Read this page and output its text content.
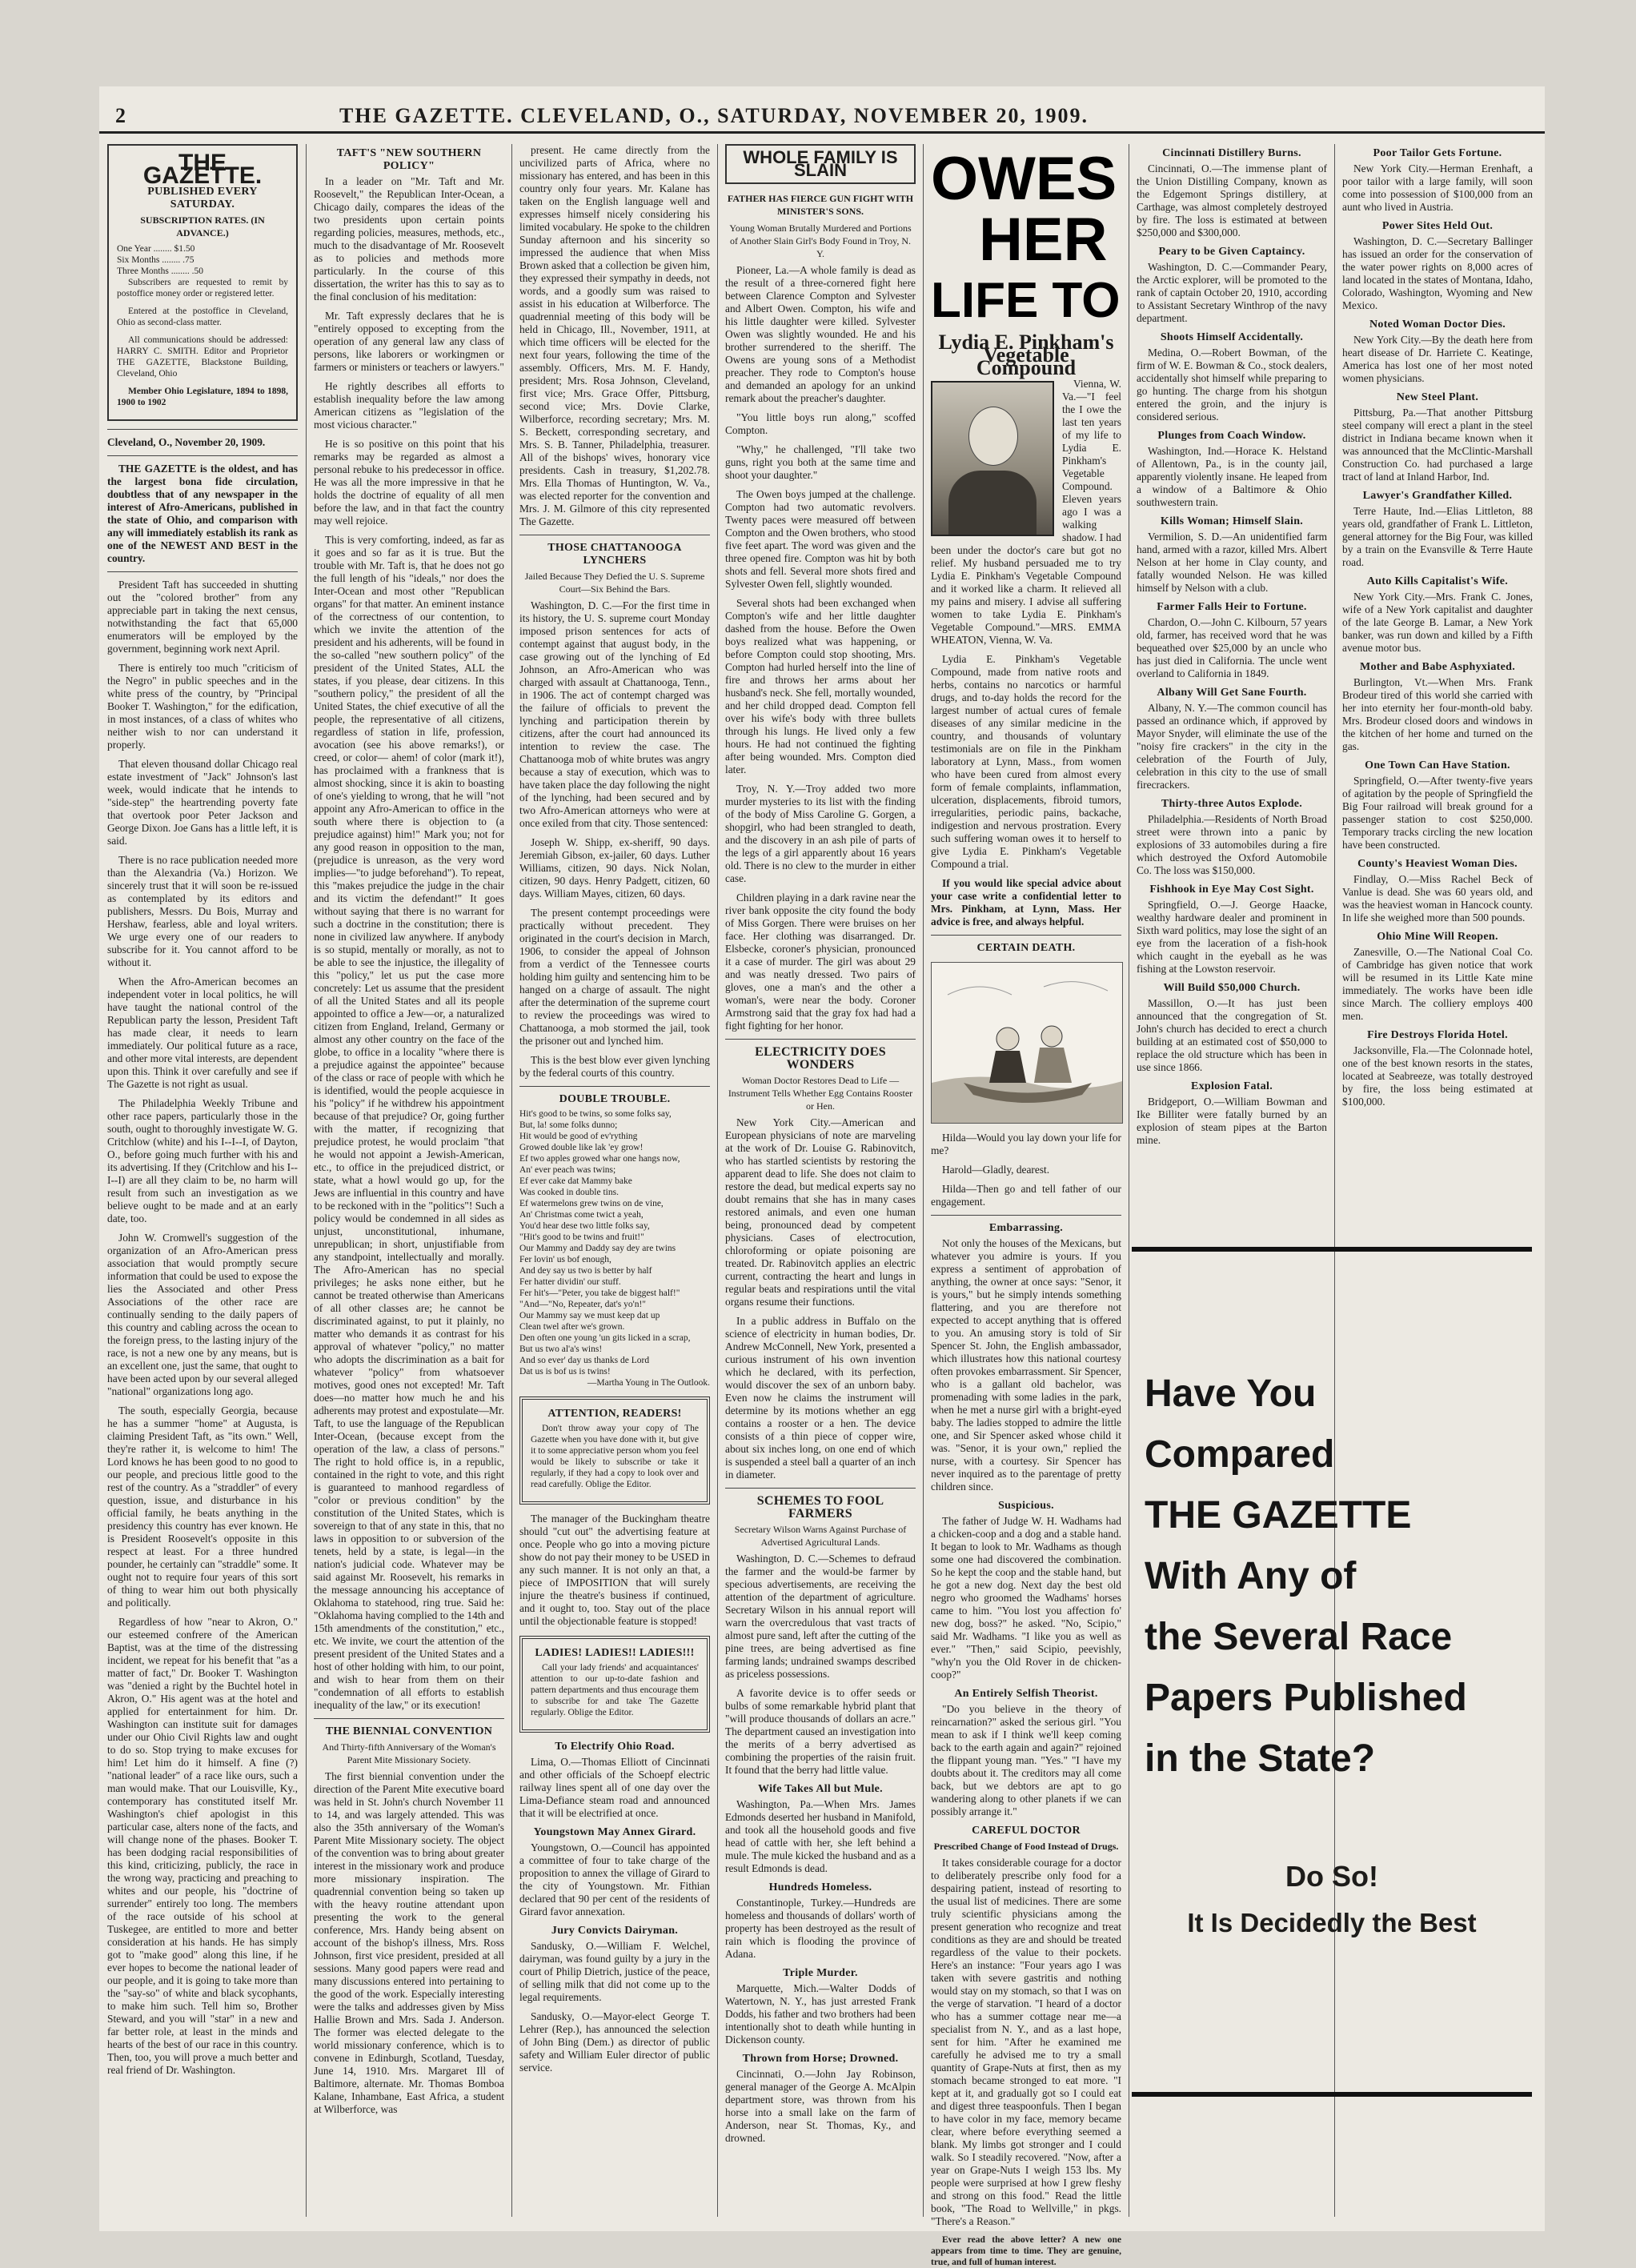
2	THE GAZETTE. CLEVELAND, O., SATURDAY, NOVEMBER 20, 1909.
THE GAZETTE.
PUBLISHED EVERY SATURDAY.
SUBSCRIPTION RATES. (IN ADVANCE.)
One Year ........ $1.50
Six Months ........ .75
Three Months ........ .50

Subscribers are requested to remit by postoffice money order or registered letter.

Entered at the postoffice in Cleveland, Ohio as second-class matter.

All communications should be addressed: HARRY C. SMITH. Editor and Proprietor THE GAZETTE, Blackstone Building, Cleveland, Ohio

Member Ohio Legislature, 1894 to 1898, 1900 to 1902

Cleveland, O., November 20, 1909.

THE GAZETTE is the oldest, and has the largest bona fide circulation, doubtless that of any newspaper in the interest of Afro-Americans, published in the state of Ohio, and comparison with any will immediately establish its rank as one of the NEWEST AND BEST in the country.

President Taft has succeeded in shutting out the "colored brother" from any appreciable part in taking the next census, notwithstanding the fact that 65,000 enumerators will be employed by the government, beginning work next April.

There is entirely too much "criticism of the Negro" in public speeches and in the white press of the country, by "Principal Booker T. Washington," for the edification, in most instances, of a class of whites who neither wish to nor can understand it properly.

That eleven thousand dollar Chicago real estate investment of "Jack" Johnson's last week, would indicate that he intends to "side-step" the heartrending poverty fate that overtook poor Peter Jackson and George Dixon. Joe Gans has a little left, it is said.

There is no race publication needed more than the Alexandria (Va.) Horizon. We sincerely trust that it will soon be re-issued as contemplated by its editors and publishers, Messrs. Du Bois, Murray and Hershaw, fearless, able and loyal writers. We urge every one of our readers to subscribe for it. You cannot afford to be without it.

When the Afro-American becomes an independent voter in local politics, he will have taught the national control of the Republican party the lesson, President Taft has made clear, it needs to learn immediately. Our political future as a race, and other more vital interests, are dependent upon this. Think it over carefully and see if The Gazette is not right as usual.

The Philadelphia Weekly Tribune and other race papers, particularly those in the south, ought to thoroughly investigate W. G. Critchlow (white) and his I--I--I, of Dayton, O., before going much further with his and its advertising. If they (Critchlow and his I--I--I) are all they claim to be, no harm will result from such an investigation as we believe ought to be made and at an early date, too.

John W. Cromwell's suggestion of the organization of an Afro-American press association that would promptly secure information that could be used to expose the lies the Associated and other Press Associations of the other race are continually sending to the daily papers of this country and cabling across the ocean to the foreign press, to the lasting injury of the race, is not a new one by any means, but is an excellent one, just the same, that ought to have been acted upon by our several alleged "national" organizations long ago.

The south, especially Georgia, because he has a summer "home" at Augusta, is claiming President Taft, as "its own." Well, they're rather it, is welcome to him! The Lord knows he has been good to no good to our people, and precious little good to the rest of the country. As a "straddler" of every question, issue, and disturbance in his official family, he beats anything in the presidency this country has ever known. He is President Roosevelt's opposite in this respect at least. For a three hundred pounder, he certainly can "straddle" some. It ought not to require four years of this sort of thing to wear him out both physically and politically.

Regardless of how "near to Akron, O." our esteemed confrere of the American Baptist, was at the time of the distressing incident, we repeat for his benefit that "as a matter of fact," Dr. Booker T. Washington was "denied a right by the Buchtel hotel in Akron, O." His agent was at the hotel and applied for entertainment for him. Dr. Washington can institute suit for damages under our Ohio Civil Rights law and ought to do so. Stop trying to make excuses for him! Let him do it himself. A fine (?) "national leader" of a race like ours, such a man would make. That our Louisville, Ky., contemporary has constituted itself Mr. Washington's chief apologist in this particular case, alters none of the facts, and will change none of the phases. Booker T. has been dodging racial responsibilities of this kind, criticizing, publicly, the race in the wrong way, practicing and preaching to whites and our people, his "doctrine of surrender" entirely too long. The members of the race outside of his school at Tuskegee, are entitled to more and better consideration at his hands. He has simply got to "make good" along this line, if he ever hopes to become the national leader of our people, and it is going to take more than the "say-so" of white and black sycophants, to make him such. Tell him so, Brother Steward, and you will "star" in a new and far better role, at least in the minds and hearts of the best of our race in this country. Then, too, you will prove a much better and real friend of Dr. Washington.

TAFT'S "NEW SOUTHERN POLICY"

In a leader on "Mr. Taft and Mr. Roosevelt," the Republican Inter-Ocean, a Chicago daily, compares the ideas of the two presidents upon certain points regarding policies, measures, methods, etc., much to the disadvantage of Mr. Roosevelt as to policies and methods more particularly. In the course of this dissertation, the writer has this to say as to the final conclusion of his meditation:

Mr. Taft expressly declares that he is "entirely opposed to excepting from the operation of any general law any class of persons, like laborers or workingmen or farmers or ministers or teachers or lawyers."

He rightly describes all efforts to establish inequality before the law among American citizens as "legislation of the most vicious character."

He is so positive on this point that his remarks may be regarded as almost a personal rebuke to his predecessor in office. He was all the more impressive in that he holds the doctrine of equality of all men before the law, and in that fact the country may well rejoice.

This is very comforting, indeed, as far as it goes and so far as it is true. But the trouble with Mr. Taft is, that he does not go the full length of his "ideals," nor does the Inter-Ocean and most other "Republican organs" for that matter. An eminent instance of the correctness of our contention, to which we invite the attention of the president and his adherents, will be found in the so-called "new southern policy" of the president of the United States, ALL the states, if you please, dear citizens. In this "southern policy," the president of all the United States, the chief executive of all the people, the representative of all citizens, regardless of station in life, profession, avocation (see his above remarks!), or creed, or color— ahem! of color (mark it!), has proclaimed with a frankness that is almost shocking, since it is akin to boasting of one's yielding to wrong, that he will "not appoint any Afro-American to office in the south where there is objection to (a prejudice against) him!" Mark you; not for any good reason in opposition to the man, (prejudice is unreason, as the very word implies—"to judge beforehand"). To repeat, this "makes prejudice the judge in the chair and its victim the defendant!" It goes without saying that there is no warrant for such a doctrine in the constitution; there is none in civilized law anywhere. If anybody is so stupid, mentally or morally, as not to be able to see the injustice, the illegality of this "policy," let us put the case more concretely: Let us assume that the president of all the United States and all its people appointed to office a Jew—or, a naturalized citizen from England, Ireland, Germany or almost any other country on the face of the globe, to office in a locality "where there is a prejudice against the appointee" because of the class or race of people with which he is identified, would the people acquiesce in his "policy" if he withdrew his appointment because of that prejudice? Or, going further with the matter, if recognizing that prejudice protest, he would proclaim "that he would not appoint a Jewish-American, etc., to office in the prejudiced district, or state, what a howl would go up, for the Jews are influential in this country and have to be reckoned with in the "politics"! Such a policy would be condemned in all sides as unjust, unconstitutional, inhumane, unrepublican; in short, unjustifiable from any standpoint, intellectually and morally. The Afro-American has no special privileges; he asks none either, but he cannot be treated otherwise than Americans of all other classes are; he cannot be discriminated against, to put it plainly, no matter who demands it as contrast for his approval of whatever "policy," no matter who adopts the discrimination as a bait for whatever "policy" from whatsoever motives, good ones not excepted! Mr. Taft does—no matter how much he and his adherents may protest and expostulate—Mr. Taft, to use the language of the Republican Inter-Ocean, (because except from the operation of the law, a class of persons." The right to hold office is, in a republic, contained in the right to vote, and this right is guaranteed to manhood regardless of "color or previous condition" by the constitution of the United States, which is sovereign to that of any state in this, that no laws in opposition to or subversion of the tenets, held by a state, is legal—in the nation's judicial code. Whatever may be said against Mr. Roosevelt, his remarks in the message announcing his acceptance of Oklahoma to statehood, ring true. Said he: "Oklahoma having complied to the 14th and 15th amendments of the constitution," etc., etc. We invite, we court the attention of the present president of the United States and a host of other holding with him, to our point, and wish to hear from them on their "condemnation of all efforts to establish inequality of the law," or its execution!

THE BIENNIAL CONVENTION
And Thirty-fifth Anniversary of the Woman's Parent Mite Missionary Society.

The first biennial convention under the direction of the Parent Mite executive board was held in St. John's church November 11 to 14, and was largely attended. This was also the 35th anniversary of the Woman's Parent Mite Missionary society. The object of the convention was to bring about greater interest in the missionary work and produce more missionary inspiration. The quadrennial convention being so taken up with the heavy routine attendant upon presenting the work to the general conference, Mrs. Handy being absent on account of the bishop's illness, Mrs. Ross Johnson, first vice president, presided at all sessions. Many good papers were read and many discussions entered into pertaining to the good of the work. Especially interesting were the talks and addresses given by Miss Hallie Brown and Mrs. Sada J. Anderson. The former was elected delegate to the world missionary conference, which is to convene in Edinburgh, Scotland, Tuesday, June 14, 1910. Mrs. Margaret Ill of Baltimore, alternate. Mr. Thomas Bomboa Kalane, Inhambane, East Africa, a student at Wilberforce, was

present. He came directly from the uncivilized parts of Africa, where no missionary has entered, and has been in this country only four years. Mr. Kalane has taken on the English language well and expresses himself nicely considering his limited vocabulary. He spoke to the children Sunday afternoon and his sincerity so impressed the audience that when Miss Brown asked that a collection be given him, they expressed their sympathy in deeds, not words, and a goodly sum was raised to assist in his education at Wilberforce. The quadrennial meeting of this body will be held in Chicago, Ill., November, 1911, at which time officers will be elected for the next four years, following the time of the assembly. Officers, Mrs. M. F. Handy, president; Mrs. Rosa Johnson, Cleveland, first vice; Mrs. Grace Offer, Pittsburg, second vice; Mrs. Dovie Clarke, Wilberforce, recording secretary; Mrs. M. S. Beckett, corresponding secretary, and Mrs. S. B. Tanner, Philadelphia, treasurer. All of the bishops' wives, honorary vice presidents. Cash in treasury, $1,202.78. Mrs. Ella Thomas of Huntington, W. Va., was elected reporter for the convention and Mrs. J. M. Gilmore of this city represented The Gazette.

THOSE CHATTANOOGA LYNCHERS
Jailed Because They Defied the U. S. Supreme Court—Six Behind the Bars.

Washington, D. C.—For the first time in its history, the U. S. supreme court Monday imposed prison sentences for acts of contempt against that august body, in the case growing out of the lynching of Ed Johnson, an Afro-American who was charged with assault at Chattanooga, Tenn., in 1906. The act of contempt charged was the failure of officials to prevent the lynching and participation therein by citizens, after the court had announced its intention to review the case. The Chattanooga mob of white brutes was angry because a stay of execution, which was to have taken place the day following the night of the lynching, had been secured and by two Afro-American attorneys who were at once exiled from that city. Those sentenced:

Joseph W. Shipp, ex-sheriff, 90 days. Jeremiah Gibson, ex-jailer, 60 days. Luther Williams, citizen, 90 days. Nick Nolan, citizen, 90 days. Henry Padgett, citizen, 60 days. William Mayes, citizen, 60 days.

The present contempt proceedings were practically without precedent. They originated in the court's decision in March, 1906, to consider the appeal of Johnson from a verdict of the Tennessee courts holding him guilty and sentencing him to be hanged on a charge of assault. The night after the determination of the supreme court to review the proceedings was wired to Chattanooga, a mob stormed the jail, took the prisoner out and lynched him.

This is the best blow ever given lynching by the federal courts of this country.

DOUBLE TROUBLE.
Hit's good to be twins, so some folks say,
But, la! some folks dunno;
Hit would be good of ev'rything
Growed double like lak 'ey grow!
Ef two apples growed whar one hangs now,
An' ever peach was twins;
Ef ever cake dat Mammy bake
Was cooked in double tins.
Ef watermelons grew twins on de vine,
An' Christmas come twict a yeah,
You'd hear dese two little folks say,
"Hit's good to be twins and fruit!"
Our Mammy and Daddy say dey are twins
Fer lovin' us bof enough,
And dey say us two is better by half
Fer hatter dividin' our stuff.
Fer hit's—"Peter, you take de biggest half!"
"And—"No, Repeater, dat's yo'n!"
Our Mammy say we must keep dat up
Clean twel after we's grown.
Den often one young 'un gits licked in a scrap,
But us two al'a's wins!
And so ever' day us thanks de Lord
Dat us is bof us is twins!
—Martha Young in The Outlook.
ATTENTION, READERS!

Don't throw away your copy of The Gazette when you have done with it, but give it to some appreciative person whom you feel would be likely to subscribe or take it regularly, if they had a copy to look over and read carefully. Oblige the Editor.

The manager of the Buckingham theatre should "cut out" the advertising feature at once. People who go into a moving picture show do not pay their money to be USED in any such manner. It is not only an that, a piece of IMPOSITION that will surely injure the theatre's business if continued, and it ought to, too. Stay out of the place until the objectionable feature is stopped!

LADIES! LADIES!! LADIES!!!

Call your lady friends' and acquaintances' attention to our up-to-date fashion and pattern departments and thus encourage them to subscribe for and take The Gazette regularly. Oblige the Editor.

To Electrify Ohio Road.

Lima, O.—Thomas Elliott of Cincinnati and other officials of the Schoepf electric railway lines spent all of one day over the Lima-Defiance steam road and announced that it will be electrified at once.

Youngstown May Annex Girard.

Youngstown, O.—Council has appointed a committee of four to take charge of the proposition to annex the village of Girard to the city of Youngstown. Mr. Fithian declared that 90 per cent of the residents of Girard favor annexation.

Jury Convicts Dairyman.

Sandusky, O.—William F. Welchel, dairyman, was found guilty by a jury in the court of Philip Dietrich, justice of the peace, of selling milk that did not come up to the legal requirements.

Sandusky, O.—Mayor-elect George T. Lehrer (Rep.), has announced the selection of John Bing (Dem.) as director of public safety and William Euler director of public service.

WHOLE FAMILY IS SLAIN
FATHER HAS FIERCE GUN FIGHT WITH MINISTER'S SONS.
Young Woman Brutally Murdered and Portions of Another Slain Girl's Body Found in Troy, N. Y.

Pioneer, La.—A whole family is dead as the result of a three-cornered fight here between Clarence Compton and Sylvester and Albert Owen. Compton, his wife and his little daughter were killed. Sylvester Owen was slightly wounded. He and his brother surrendered to the sheriff. The Owens are young sons of a Methodist preacher. They rode to Compton's house and demanded an apology for an unkind remark about the preacher's daughter.

"You little boys run along," scoffed Compton.

"Why," he challenged, "I'll take two guns, right you both at the same time and shoot your daughter."

The Owen boys jumped at the challenge. Compton had two automatic revolvers. Twenty paces were measured off between Compton and the Owen brothers, who stood five feet apart. The word was given and the three opened fire. Compton was hit by both shots and fell. Several more shots fired and Sylvester Owen fell, slightly wounded.

Several shots had been exchanged when Compton's wife and her little daughter dashed from the house. Before the Owen boys realized what was happening, or before Compton could stop shooting, Mrs. Compton had hurled herself into the line of fire and throws her arms about her husband's neck. She fell, mortally wounded, and her child dropped dead. Compton fell over his wife's body with three bullets through his lungs. He lived only a few hours. He had not continued the fighting after being wounded. Mrs. Compton died later.

Troy, N. Y.—Troy added two more murder mysteries to its list with the finding of the body of Miss Caroline G. Gorgen, a shopgirl, who had been strangled to death, and the discovery in an ash pile of parts of the legs of a girl apparently about 16 years old. There is no clew to the murder in either case.

Children playing in a dark ravine near the river bank opposite the city found the body of Miss Gorgen. There were bruises on her face. Her clothing was disarranged. Dr. Elsbecke, coroner's physician, pronounced it a case of murder. The girl was about 29 and was neatly dressed. Two pairs of gloves, one a man's and the other a woman's, were near the body. Coroner Armstrong said that the gray fox had had a fight fighting for her honor.

ELECTRICITY DOES WONDERS
Woman Doctor Restores Dead to Life —Instrument Tells Whether Egg Contains Rooster or Hen.

New York City.—American and European physicians of note are marveling at the work of Dr. Louise G. Rabinovitch, who has startled scientists by restoring the apparent dead to life. She does not claim to restore the dead, but medical experts say no doubt remains that she has in many cases restored animals, and even one human being, pronounced dead by competent physicians. Cases of electrocution, chloroforming or opiate poisoning are treated. Dr. Rabinovitch applies an electric current, contracting the heart and lungs in regular beats and respirations until the vital organs resume their functions.

In a public address in Buffalo on the science of electricity in human bodies, Dr. Andrew McConnell, New York, presented a curious instrument of his own invention which he declared, with its perfection, would discover the sex of an unborn baby. Even now he claims the instrument will determine by its motions whether an egg contains a rooster or a hen. The device consists of a thin piece of copper wire, about six inches long, on one end of which is suspended a steel ball a quarter of an inch in diameter.

SCHEMES TO FOOL FARMERS
Secretary Wilson Warns Against Purchase of Advertised Agricultural Lands.

Washington, D. C.—Schemes to defraud the farmer and the would-be farmer by specious advertisements, are receiving the attention of the department of agriculture. Secretary Wilson in his annual report will warn the overcredulous that vast tracts of almost pure sand, left after the cutting of the pine trees, are being advertised as fine farming lands; undrained swamps described as priceless possessions.

A favorite device is to offer seeds or bulbs of some remarkable hybrid plant that "will produce thousands of dollars an acre." The department caused an investigation into the merits of a berry advertised as combining the properties of the raisin fruit. It found that the berry had little value.

Wife Takes All but Mule.

Washington, Pa.—When Mrs. James Edmonds deserted her husband in Manifold, and took all the household goods and five head of cattle with her, she left behind a mule. The mule kicked the husband and as a result Edmonds is dead.

Hundreds Homeless.

Constantinople, Turkey.—Hundreds are homeless and thousands of dollars' worth of property has been destroyed as the result of rain which is flooding the province of Adana.

Triple Murder.

Marquette, Mich.—Walter Dodds of Watertown, N. Y., has just arrested Frank Dodds, his father and two brothers had been intentionally shot to death while hunting in Dickenson county.

Thrown from Horse; Drowned.

Cincinnati, O.—John Jay Robinson, general manager of the George A. McAlpin department store, was thrown from his horse into a small lake on the farm of Anderson, near St. Thomas, Ky., and drowned.

OWES
HER
LIFE TO
Lydia E. Pinkham's Vegetable Compound

Vienna, W. Va.—"I feel the I owe the last ten years of my life to Lydia E. Pinkham's Vegetable Compound. Eleven years ago I was a walking shadow. I had been under the doctor's care but got no relief. My husband persuaded me to try Lydia E. Pinkham's Vegetable Compound and it worked like a charm. It relieved all my pains and misery. I advise all suffering women to take Lydia E. Pinkham's Vegetable Compound."—MRS. EMMA WHEATON, Vienna, W. Va.

Lydia E. Pinkham's Vegetable Compound, made from native roots and herbs, contains no narcotics or harmful drugs, and to-day holds the record for the largest number of actual cures of female diseases of any similar medicine in the country, and thousands of voluntary testimonials are on file in the Pinkham laboratory at Lynn, Mass., from women who have been cured from almost every form of female complaints, inflammation, ulceration, displacements, fibroid tumors, irregularities, periodic pains, backache, indigestion and nervous prostration. Every such suffering woman owes it to herself to give Lydia E. Pinkham's Vegetable Compound a trial.

If you would like special advice about your case write a confidential letter to Mrs. Pinkham, at Lynn, Mass. Her advice is free, and always helpful.

CERTAIN DEATH.

Hilda—Would you lay down your life for me?

Harold—Gladly, dearest.

Hilda—Then go and tell father of our engagement.

Embarrassing.

Not only the houses of the Mexicans, but whatever you admire is yours. If you express a sentiment of approbation of anything, the owner at once says: "Senor, it is yours," but he simply intends something flattering, and you are therefore not expected to accept anything that is offered to you. An amusing story is told of Sir Spencer St. John, the English ambassador, which illustrates how this national courtesy often provokes embarrassment. Sir Spencer, who is a gallant old bachelor, was promenading with some ladies in the park, when he met a nurse girl with a bright-eyed baby. The ladies stopped to admire the little one, and Sir Spencer asked whose child it was. "Senor, it is your own," replied the nurse, with a courtesy. Sir Spencer has never inquired as to the parentage of pretty children since.

Suspicious.

The father of Judge W. H. Wadhams had a chicken-coop and a dog and a stable hand. It began to look to Mr. Wadhams as though some one had discovered the combination. So he kept the coop and the stable hand, but he got a new dog. Next day the best old negro who groomed the Wadhams' horses came to him. "You lost you affection fo' new dog, boss?" he asked. "No, Scipio," said Mr. Wadhams. "I like you as well as ever." "Then," said Scipio, peevishly, "why'n you the Old Rover in de chicken-coop?"

An Entirely Selfish Theorist.

"Do you believe in the theory of reincarnation?" asked the serious girl. "You mean to ask if I think we'll keep coming back to the earth again and again?" rejoined the flippant young man. "Yes." "I have my doubts about it. The creditors may all come back, but we debtors are apt to go wandering along to other planets if we can possibly arrange it."

CAREFUL DOCTOR
Prescribed Change of Food Instead of Drugs.

It takes considerable courage for a doctor to deliberately prescribe only food for a despairing patient, instead of resorting to the usual list of medicines. There are some truly scientific physicians among the present generation who recognize and treat conditions as they are and should be treated regardless of the value to their pockets. Here's an instance: "Four years ago I was taken with severe gastritis and nothing would stay on my stomach, so that I was on the verge of starvation. "I heard of a doctor who has a summer cottage near me—a specialist from N. Y., and as a last hope, sent for him. "After he examined me carefully he advised me to try a small quantity of Grape-Nuts at first, then as my stomach became stronged to eat more. "I kept at it, and gradually got so I could eat and digest three teaspoonfuls. Then I began to have color in my face, memory became clear, where before everything seemed a blank. My limbs got stronger and I could walk. So I steadily recovered. "Now, after a year on Grape-Nuts I weigh 153 lbs. My people were surprised at how I grew fleshy and strong on this food." Read the little book, "The Road to Wellville," in pkgs. "There's a Reason."

Ever read the above letter? A new one appears from time to time. They are genuine, true, and full of human interest.

Cincinnati Distillery Burns.

Cincinnati, O.—The immense plant of the Union Distilling Company, known as the Edgemont Springs distillery, at Carthage, was almost completely destroyed by fire. The loss is estimated at between $250,000 and $300,000.

Peary to be Given Captaincy.

Washington, D. C.—Commander Peary, the Arctic explorer, will be promoted to the rank of captain October 20, 1910, according to Assistant Secretary Winthrop of the navy department.

Shoots Himself Accidentally.

Medina, O.—Robert Bowman, of the firm of W. E. Bowman & Co., stock dealers, accidentally shot himself while preparing to go hunting. The charge from his shotgun entered the groin, and the injury is considered serious.

Plunges from Coach Window.

Washington, Ind.—Horace K. Helstand of Allentown, Pa., is in the county jail, apparently violently insane. He leaped from a window of a Baltimore & Ohio southwestern train.

Kills Woman; Himself Slain.

Vermilion, S. D.—An unidentified farm hand, armed with a razor, killed Mrs. Albert Nelson at her home in Clay county, and fatally wounded Nelson. He was killed himself by Nelson with a club.

Farmer Falls Heir to Fortune.

Chardon, O.—John C. Kilbourn, 57 years old, farmer, has received word that he was bequeathed over $25,000 by an uncle who has just died in California. The uncle went overland to California in 1849.

Albany Will Get Sane Fourth.

Albany, N. Y.—The common council has passed an ordinance which, if approved by Mayor Snyder, will eliminate the use of the "noisy fire crackers" in the city in the celebration of the Fourth of July, celebration in this city to the use of small firecrackers.

Thirty-three Autos Explode.

Philadelphia.—Residents of North Broad street were thrown into a panic by explosions of 33 automobiles during a fire which destroyed the Oxford Automobile Co. The loss was $150,000.

Fishhook in Eye May Cost Sight.

Springfield, O.—J. George Haacke, wealthy hardware dealer and prominent in Sixth ward politics, may lose the sight of an eye from the laceration of a fish-hook which caught in the eyeball as he was fishing at the Lowston reservoir.

Will Build $50,000 Church.

Massillon, O.—It has just been announced that the congregation of St. John's church has decided to erect a church building at an estimated cost of $50,000 to replace the old structure which has been in use since 1866.

Explosion Fatal.

Bridgeport, O.—William Bowman and Ike Billiter were fatally burned by an explosion of steam pipes at the Barton mine.

Poor Tailor Gets Fortune.

New York City.—Herman Erenhaft, a poor tailor with a large family, will soon come into possession of $100,000 from an aunt who lived in Austria.

Power Sites Held Out.

Washington, D. C.—Secretary Ballinger has issued an order for the conservation of the water power rights on 8,000 acres of land located in the states of Montana, Idaho, Colorado, Washington, Wyoming and New Mexico.

Noted Woman Doctor Dies.

New York City.—By the death here from heart disease of Dr. Harriete C. Keatinge, America has lost one of her most noted women physicians.

New Steel Plant.

Pittsburg, Pa.—That another Pittsburg steel company will erect a plant in the steel district in Indiana became known when it was announced that the McClintic-Marshall Construction Co. had purchased a large tract of land at Inland Harbor, Ind.

Lawyer's Grandfather Killed.

Terre Haute, Ind.—Elias Littleton, 88 years old, grandfather of Frank L. Littleton, general attorney for the Big Four, was killed by a train on the Evansville & Terre Haute road.

Auto Kills Capitalist's Wife.

New York City.—Mrs. Frank C. Jones, wife of a New York capitalist and daughter of the late George B. Lamar, a New York banker, was run down and killed by a Fifth avenue motor bus.

Mother and Babe Asphyxiated.

Burlington, Vt.—When Mrs. Frank Brodeur tired of this world she carried with her into eternity her four-month-old baby. Mrs. Brodeur closed doors and windows in the kitchen of her home and turned on the gas.

One Town Can Have Station.

Springfield, O.—After twenty-five years of agitation by the people of Springfield the Big Four railroad will break ground for a passenger station to cost $250,000. Temporary tracks circling the new location have been constructed.

County's Heaviest Woman Dies.

Findlay, O.—Miss Rachel Beck of Vanlue is dead. She was 60 years old, and was the heaviest woman in Hancock county. In life she weighed more than 500 pounds.

Ohio Mine Will Reopen.

Zanesville, O.—The National Coal Co. of Cambridge has given notice that work will be resumed in its Little Kate mine immediately. The works have been idle since March. The colliery employs 400 men.

Fire Destroys Florida Hotel.

Jacksonville, Fla.—The Colonnade hotel, one of the best known resorts in the states, located at Seabreeze, was totally destroyed by fire, the loss being estimated at $100,000.

Have You
Compared
THE GAZETTE
With Any of
the Several Race
Papers Published
in the State?
Do So!
It Is Decidedly the Best
